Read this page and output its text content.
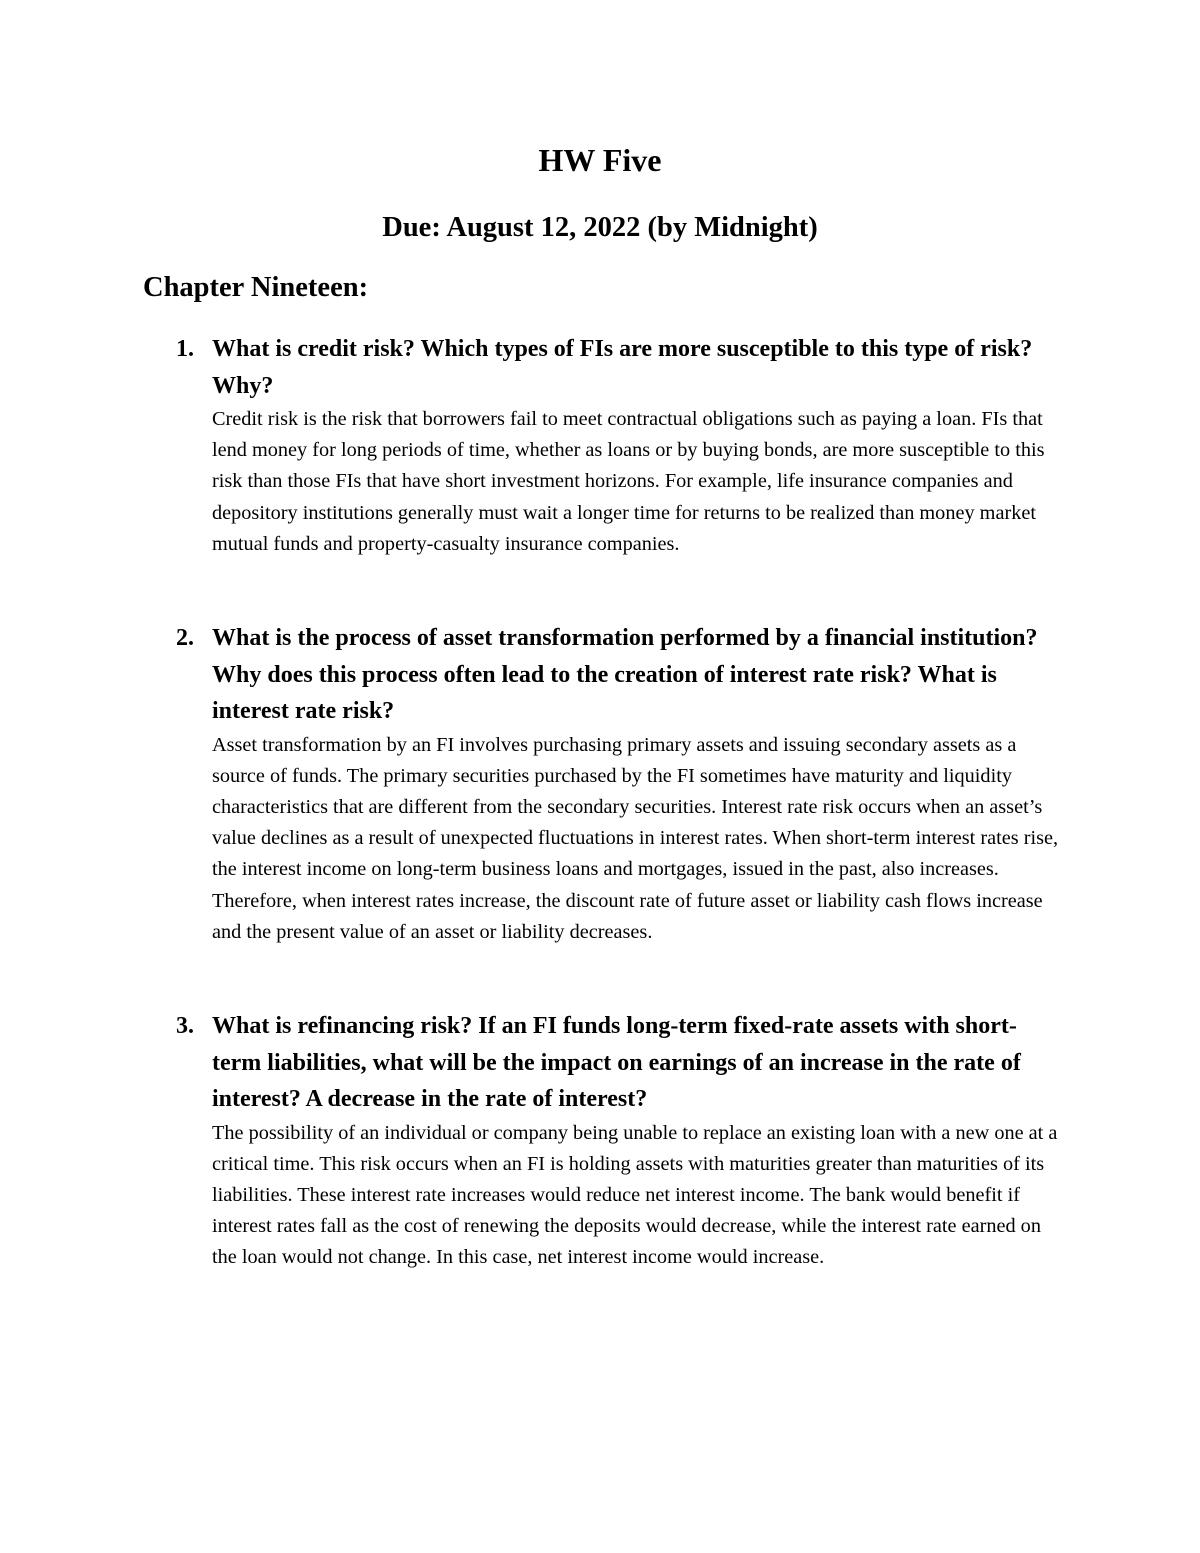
HW Five
Due: August 12, 2022 (by Midnight)
Chapter Nineteen:
1. What is credit risk? Which types of FIs are more susceptible to this type of risk? Why?

Credit risk is the risk that borrowers fail to meet contractual obligations such as paying a loan. FIs that lend money for long periods of time, whether as loans or by buying bonds, are more susceptible to this risk than those FIs that have short investment horizons. For example, life insurance companies and depository institutions generally must wait a longer time for returns to be realized than money market mutual funds and property-casualty insurance companies.

2. What is the process of asset transformation performed by a financial institution? Why does this process often lead to the creation of interest rate risk? What is interest rate risk?

Asset transformation by an FI involves purchasing primary assets and issuing secondary assets as a source of funds. The primary securities purchased by the FI sometimes have maturity and liquidity characteristics that are different from the secondary securities. Interest rate risk occurs when an asset’s value declines as a result of unexpected fluctuations in interest rates. When short-term interest rates rise, the interest income on long-term business loans and mortgages, issued in the past, also increases. Therefore, when interest rates increase, the discount rate of future asset or liability cash flows increase and the present value of an asset or liability decreases.

3. What is refinancing risk? If an FI funds long-term fixed-rate assets with short-term liabilities, what will be the impact on earnings of an increase in the rate of interest? A decrease in the rate of interest?

The possibility of an individual or company being unable to replace an existing loan with a new one at a critical time. This risk occurs when an FI is holding assets with maturities greater than maturities of its liabilities. These interest rate increases would reduce net interest income. The bank would benefit if interest rates fall as the cost of renewing the deposits would decrease, while the interest rate earned on the loan would not change. In this case, net interest income would increase.
